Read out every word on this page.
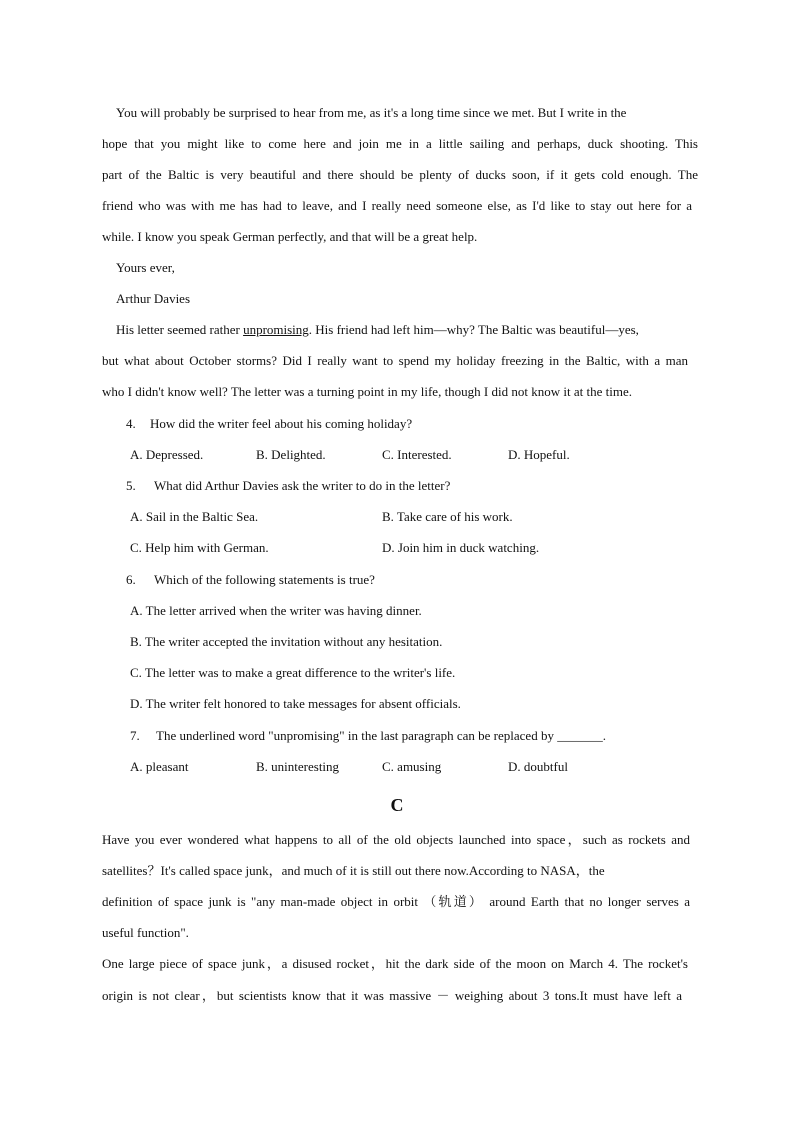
You will probably be surprised to hear from me, as it's a long time since we met. But I write in the
hope that you might like to come here and join me in a little sailing and perhaps, duck shooting. This
part of the Baltic is very beautiful and there should be plenty of ducks soon, if it gets cold enough. The
friend who was with me has had to leave, and I really need someone else, as I'd like to stay out here for a
while. I know you speak German perfectly, and that will be a great help.
Yours ever,
Arthur Davies
His letter seemed rather unpromising. His friend had left him—why? The Baltic was beautiful—yes,
but what about October storms? Did I really want to spend my holiday freezing in the Baltic, with a man
who I didn't know well? The letter was a turning point in my life, though I did not know it at the time.
4. How did the writer feel about his coming holiday?
A. Depressed.	B. Delighted.	C. Interested.	D. Hopeful.
5. What did Arthur Davies ask the writer to do in the letter?
A. Sail in the Baltic Sea.	B. Take care of his work.
C. Help him with German.	D. Join him in duck watching.
6. Which of the following statements is true?
A. The letter arrived when the writer was having dinner.
B. The writer accepted the invitation without any hesitation.
C. The letter was to make a great difference to the writer's life.
D. The writer felt honored to take messages for absent officials.
7. The underlined word "unpromising" in the last paragraph can be replaced by _______.
A. pleasant	B. uninteresting	C. amusing	D. doubtful
C
Have you ever wondered what happens to all of the old objects launched into space，such as rockets and
satellites？It's called space junk，and much of it is still out there now.According to NASA，the
definition of space junk is "any man-made object in orbit （轨道） around Earth that no longer serves a
useful function".
One large piece of space junk，a disused rocket，hit the dark side of the moon on March 4. The rocket's
origin is not clear，but scientists know that it was massive － weighing about 3 tons.It must have left a
